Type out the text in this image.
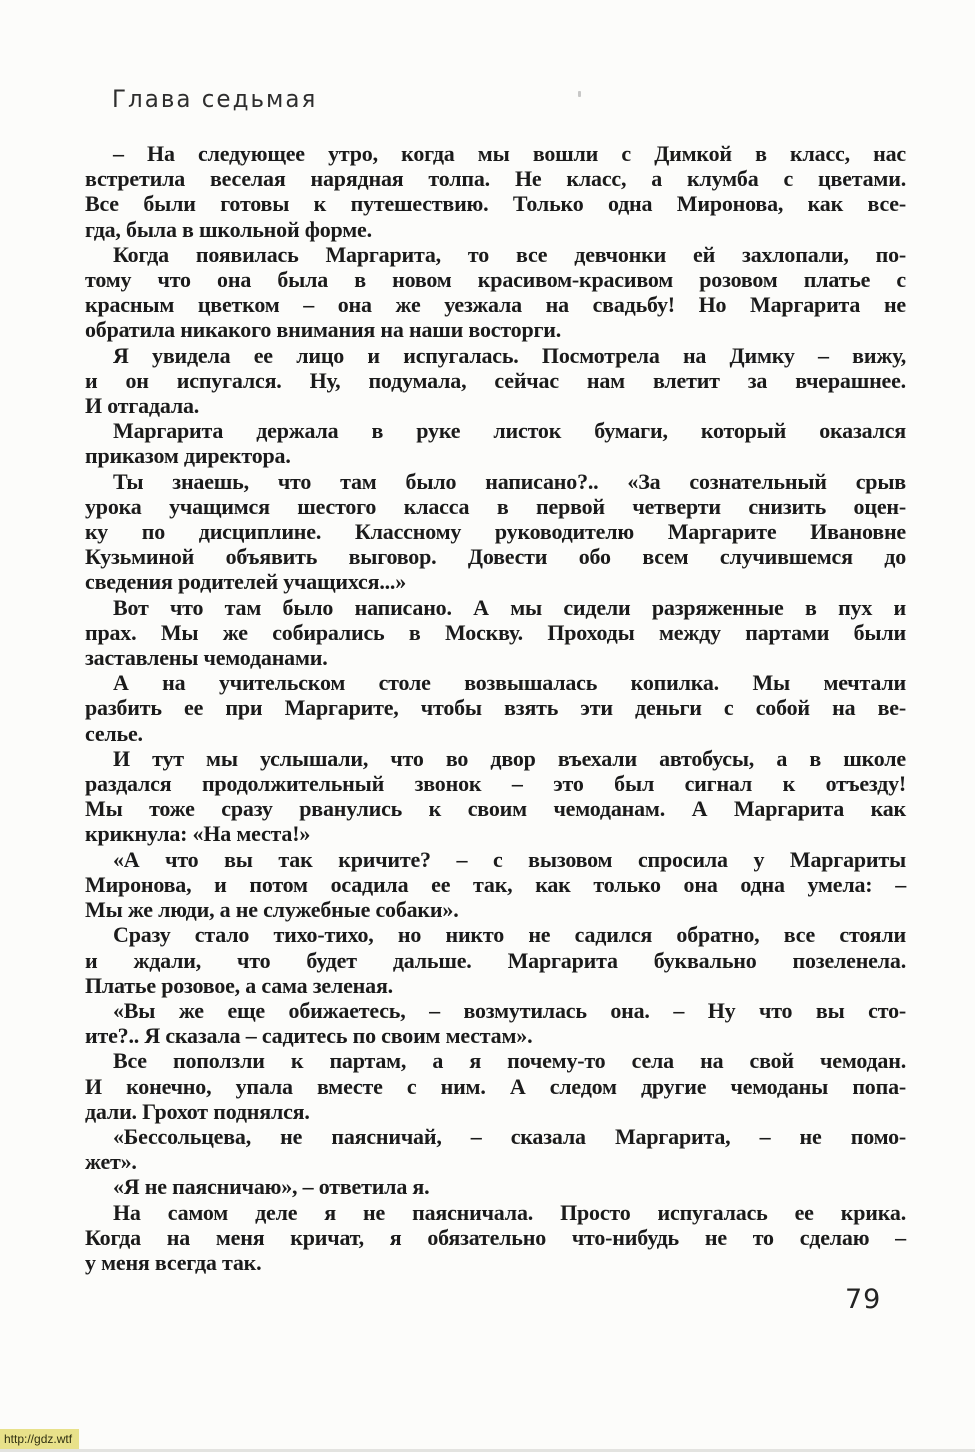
Глава седьмая
– На следующее утро, когда мы вошли с Димкой в класс, нас
встретила веселая нарядная толпа. Не класс, а клумба с цветами.
Все были готовы к путешествию. Только одна Миронова, как все-
гда, была в школьной форме.
Когда появилась Маргарита, то все девчонки ей захлопали, по-
тому что она была в новом красивом-красивом розовом платье с
красным цветком – она же уезжала на свадьбу! Но Маргарита не
обратила никакого внимания на наши восторги.
Я увидела ее лицо и испугалась. Посмотрела на Димку – вижу,
и он испугался. Ну, подумала, сейчас нам влетит за вчерашнее.
И отгадала.
Маргарита держала в руке листок бумаги, который оказался
приказом директора.
Ты знаешь, что там было написано?.. «За сознательный срыв
урока учащимся шестого класса в первой четверти снизить оцен-
ку по дисциплине. Классному руководителю Маргарите Ивановне
Кузьминой объявить выговор. Довести обо всем случившемся до
сведения родителей учащихся...»
Вот что там было написано. А мы сидели разряженные в пух и
прах. Мы же собирались в Москву. Проходы между партами были
заставлены чемоданами.
А на учительском столе возвышалась копилка. Мы мечтали
разбить ее при Маргарите, чтобы взять эти деньги с собой на ве-
селье.
И тут мы услышали, что во двор въехали автобусы, а в школе
раздался продолжительный звонок – это был сигнал к отъезду!
Мы тоже сразу рванулись к своим чемоданам. А Маргарита как
крикнула: «На места!»
«А что вы так кричите? – с вызовом спросила у Маргариты
Миронова, и потом осадила ее так, как только она одна умела: –
Мы же люди, а не служебные собаки».
Сразу стало тихо-тихо, но никто не садился обратно, все стояли
и ждали, что будет дальше. Маргарита буквально позеленела.
Платье розовое, а сама зеленая.
«Вы же еще обижаетесь, – возмутилась она. – Ну что вы сто-
ите?.. Я сказала – садитесь по своим местам».
Все поползли к партам, а я почему-то села на свой чемодан.
И конечно, упала вместе с ним. А следом другие чемоданы попа-
дали. Грохот поднялся.
«Бессольцева, не паясничай, – сказала Маргарита, – не помо-
жет».
«Я не паясничаю», – ответила я.
На самом деле я не паясничала. Просто испугалась ее крика.
Когда на меня кричат, я обязательно что-нибудь не то сделаю –
у меня всегда так.
79
http://gdz.wtf
